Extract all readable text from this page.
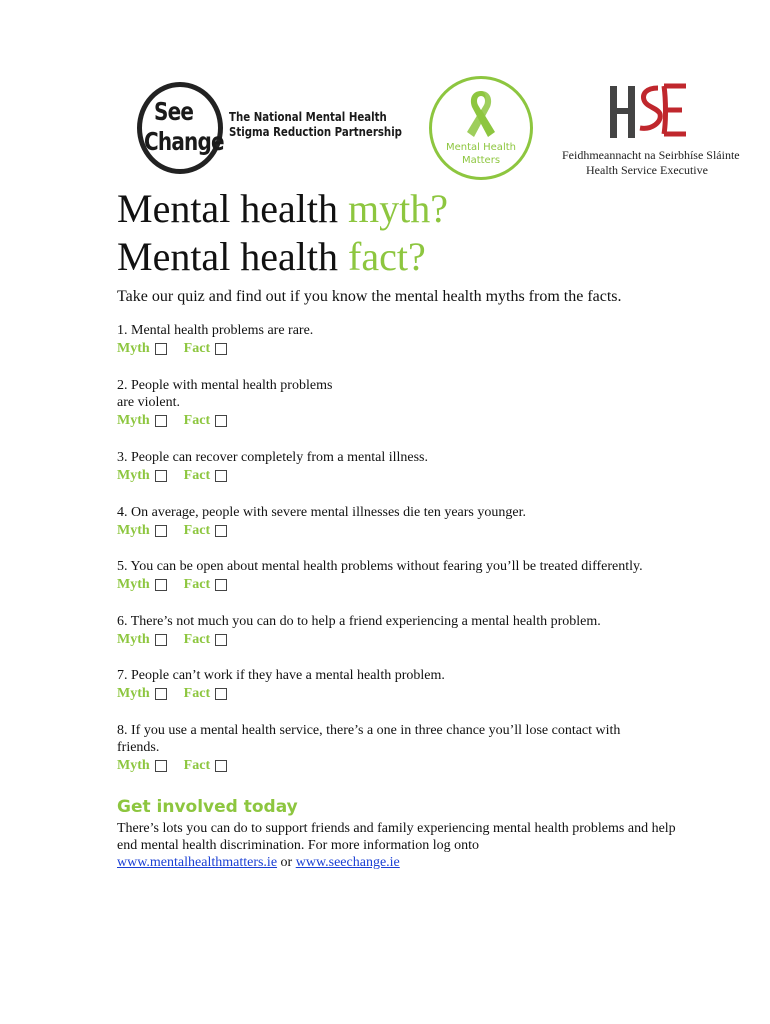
See
Change
The National Mental Health
Stigma Reduction Partnership
Mental Health
Matters	Feidhmeannacht na Seirbhíse Sláinte
Health Service Executive
Mental health myth?
Mental health fact?
Take our quiz and find out if you know the mental health myths from the facts.

1. Mental health problems are rare.

Myth Fact

2. People with mental health problems
are violent.

Myth Fact

3. People can recover completely from a mental illness.

Myth Fact

4. On average, people with severe mental illnesses die ten years younger.

Myth Fact

5. You can be open about mental health problems without fearing you’ll be treated differently.

Myth Fact

6. There’s not much you can do to help a friend experiencing a mental health problem.

Myth Fact

7. People can’t work if they have a mental health problem.

Myth Fact

8. If you use a mental health service, there’s a one in three chance you’ll lose contact with
friends.

Myth Fact
Get involved today

There’s lots you can do to support friends and family experiencing mental health problems and help end mental health discrimination. For more information log onto

www.mentalhealthmatters.ie or www.seechange.ie
